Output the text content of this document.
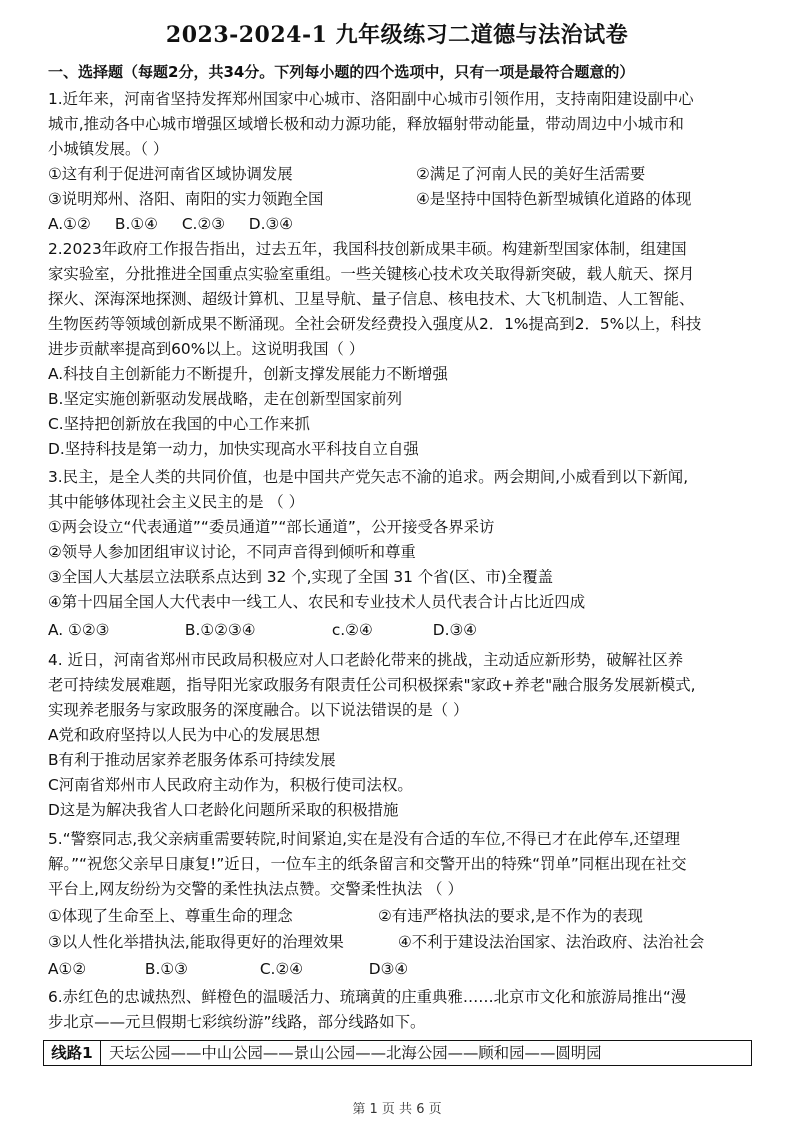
2023-2024-1 九年级练习二道德与法治试卷
一、选择题（每题2分，共34分。下列每小题的四个选项中，只有一项是最符合题意的）
1.近年来，河南省坚持发挥郑州国家中心城市、洛阳副中心城市引领作用，支持南阳建设副中心
城市,推动各中心城市增强区域增长极和动力源功能，释放辐射带动能量，带动周边中小城市和
小城镇发展。（ ）
①这有利于促进河南省区域协调发展	②满足了河南人民的美好生活需要
③说明郑州、洛阳、南阳的实力领跑全国	④是坚持中国特色新型城镇化道路的体现
A.①② B.①④ C.②③ D.③④
2.2023年政府工作报告指出，过去五年，我国科技创新成果丰硕。构建新型国家体制，组建国
家实验室，分批推进全国重点实验室重组。一些关键核心技术攻关取得新突破，载人航天、探月
探火、深海深地探测、超级计算机、卫星导航、量子信息、核电技术、大飞机制造、人工智能、
生物医药等领域创新成果不断涌现。全社会研发经费投入强度从2．1%提高到2．5%以上，科技
进步贡献率提高到60%以上。这说明我国（ ）
A.科技自主创新能力不断提升，创新支撑发展能力不断增强
B.坚定实施创新驱动发展战略，走在创新型国家前列
C.坚持把创新放在我国的中心工作来抓
D.坚持科技是第一动力，加快实现高水平科技自立自强
3.民主，是全人类的共同价值，也是中国共产党矢志不渝的追求。两会期间,小威看到以下新闻,
其中能够体现社会主义民主的是 （ ）
①两会设立“代表通道”“委员通道”“部长通道”，公开接受各界采访
②领导人参加团组审议讨论，不同声音得到倾听和尊重
③全国人大基层立法联系点达到 32 个,实现了全国 31 个省(区、市)全覆盖
④第十四届全国人大代表中一线工人、农民和专业技术人员代表合计占比近四成
A. ①②③	B.①②③④	c.②④	D.③④
4. 近日，河南省郑州市民政局积极应对人口老龄化带来的挑战，主动适应新形势，破解社区养
老可持续发展难题，指导阳光家政服务有限责任公司积极探索"家政+养老"融合服务发展新模式,
实现养老服务与家政服务的深度融合。以下说法错误的是（ ）
A党和政府坚持以人民为中心的发展思想
B有利于推动居家养老服务体系可持续发展
C河南省郑州市人民政府主动作为，积极行使司法权。
D这是为解决我省人口老龄化问题所采取的积极措施
5.“警察同志,我父亲病重需要转院,时间紧迫,实在是没有合适的车位,不得已才在此停车,还望理
解。”“祝您父亲早日康复!”近日，一位车主的纸条留言和交警开出的特殊“罚单”同框出现在社交
平台上,网友纷纷为交警的柔性执法点赞。交警柔性执法 （ ）
①体现了生命至上、尊重生命的理念	②有违严格执法的要求,是不作为的表现
③以人性化举措执法,能取得更好的治理效果	④不利于建设法治国家、法治政府、法治社会
A①②	B.①③	C.②④	D③④
6.赤红色的忠诚热烈、鲜橙色的温暖活力、琉璃黄的庄重典雅……北京市文化和旅游局推出“漫
步北京——元旦假期七彩缤纷游”线路，部分线路如下。
线路1	天坛公园——中山公园——景山公园——北海公园——顾和园——圆明园
第 1 页 共 6 页
